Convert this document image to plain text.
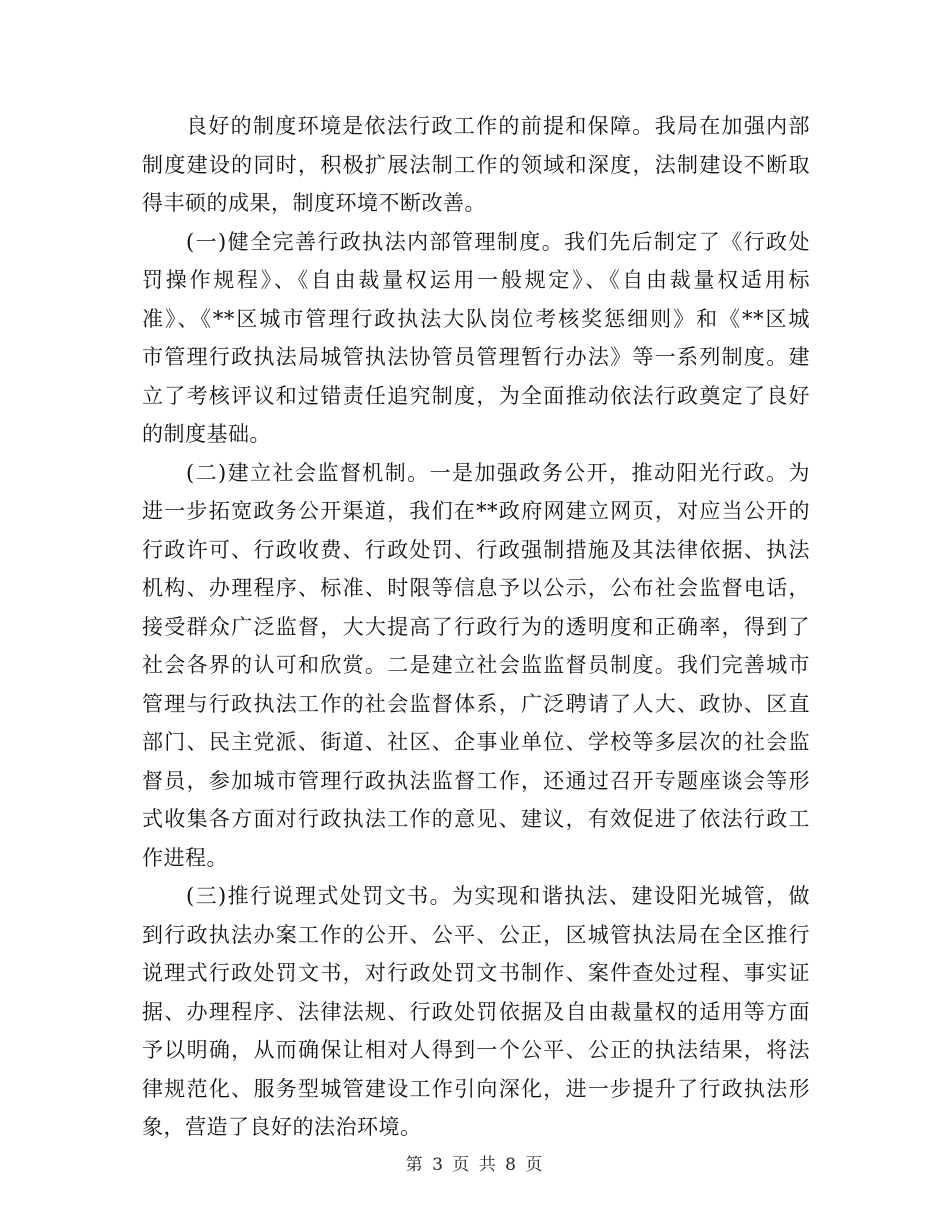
良好的制度环境是依法行政工作的前提和保障。我局在加强内部
制度建设的同时，积极扩展法制工作的领域和深度，法制建设不断取
得丰硕的成果，制度环境不断改善。
(一)健全完善行政执法内部管理制度。我们先后制定了《行政处
罚操作规程》、《自由裁量权运用一般规定》、《自由裁量权适用标
准》、《**区城市管理行政执法大队岗位考核奖惩细则》和《**区城
市管理行政执法局城管执法协管员管理暂行办法》等一系列制度。建
立了考核评议和过错责任追究制度，为全面推动依法行政奠定了良好
的制度基础。
(二)建立社会监督机制。一是加强政务公开，推动阳光行政。为
进一步拓宽政务公开渠道，我们在**政府网建立网页，对应当公开的
行政许可、行政收费、行政处罚、行政强制措施及其法律依据、执法
机构、办理程序、标准、时限等信息予以公示，公布社会监督电话，
接受群众广泛监督，大大提高了行政行为的透明度和正确率，得到了
社会各界的认可和欣赏。二是建立社会监监督员制度。我们完善城市
管理与行政执法工作的社会监督体系，广泛聘请了人大、政协、区直
部门、民主党派、街道、社区、企事业单位、学校等多层次的社会监
督员，参加城市管理行政执法监督工作，还通过召开专题座谈会等形
式收集各方面对行政执法工作的意见、建议，有效促进了依法行政工
作进程。
(三)推行说理式处罚文书。为实现和谐执法、建设阳光城管，做
到行政执法办案工作的公开、公平、公正，区城管执法局在全区推行
说理式行政处罚文书，对行政处罚文书制作、案件查处过程、事实证
据、办理程序、法律法规、行政处罚依据及自由裁量权的适用等方面
予以明确，从而确保让相对人得到一个公平、公正的执法结果，将法
律规范化、服务型城管建设工作引向深化，进一步提升了行政执法形
象，营造了良好的法治环境。
第 3 页 共 8 页
